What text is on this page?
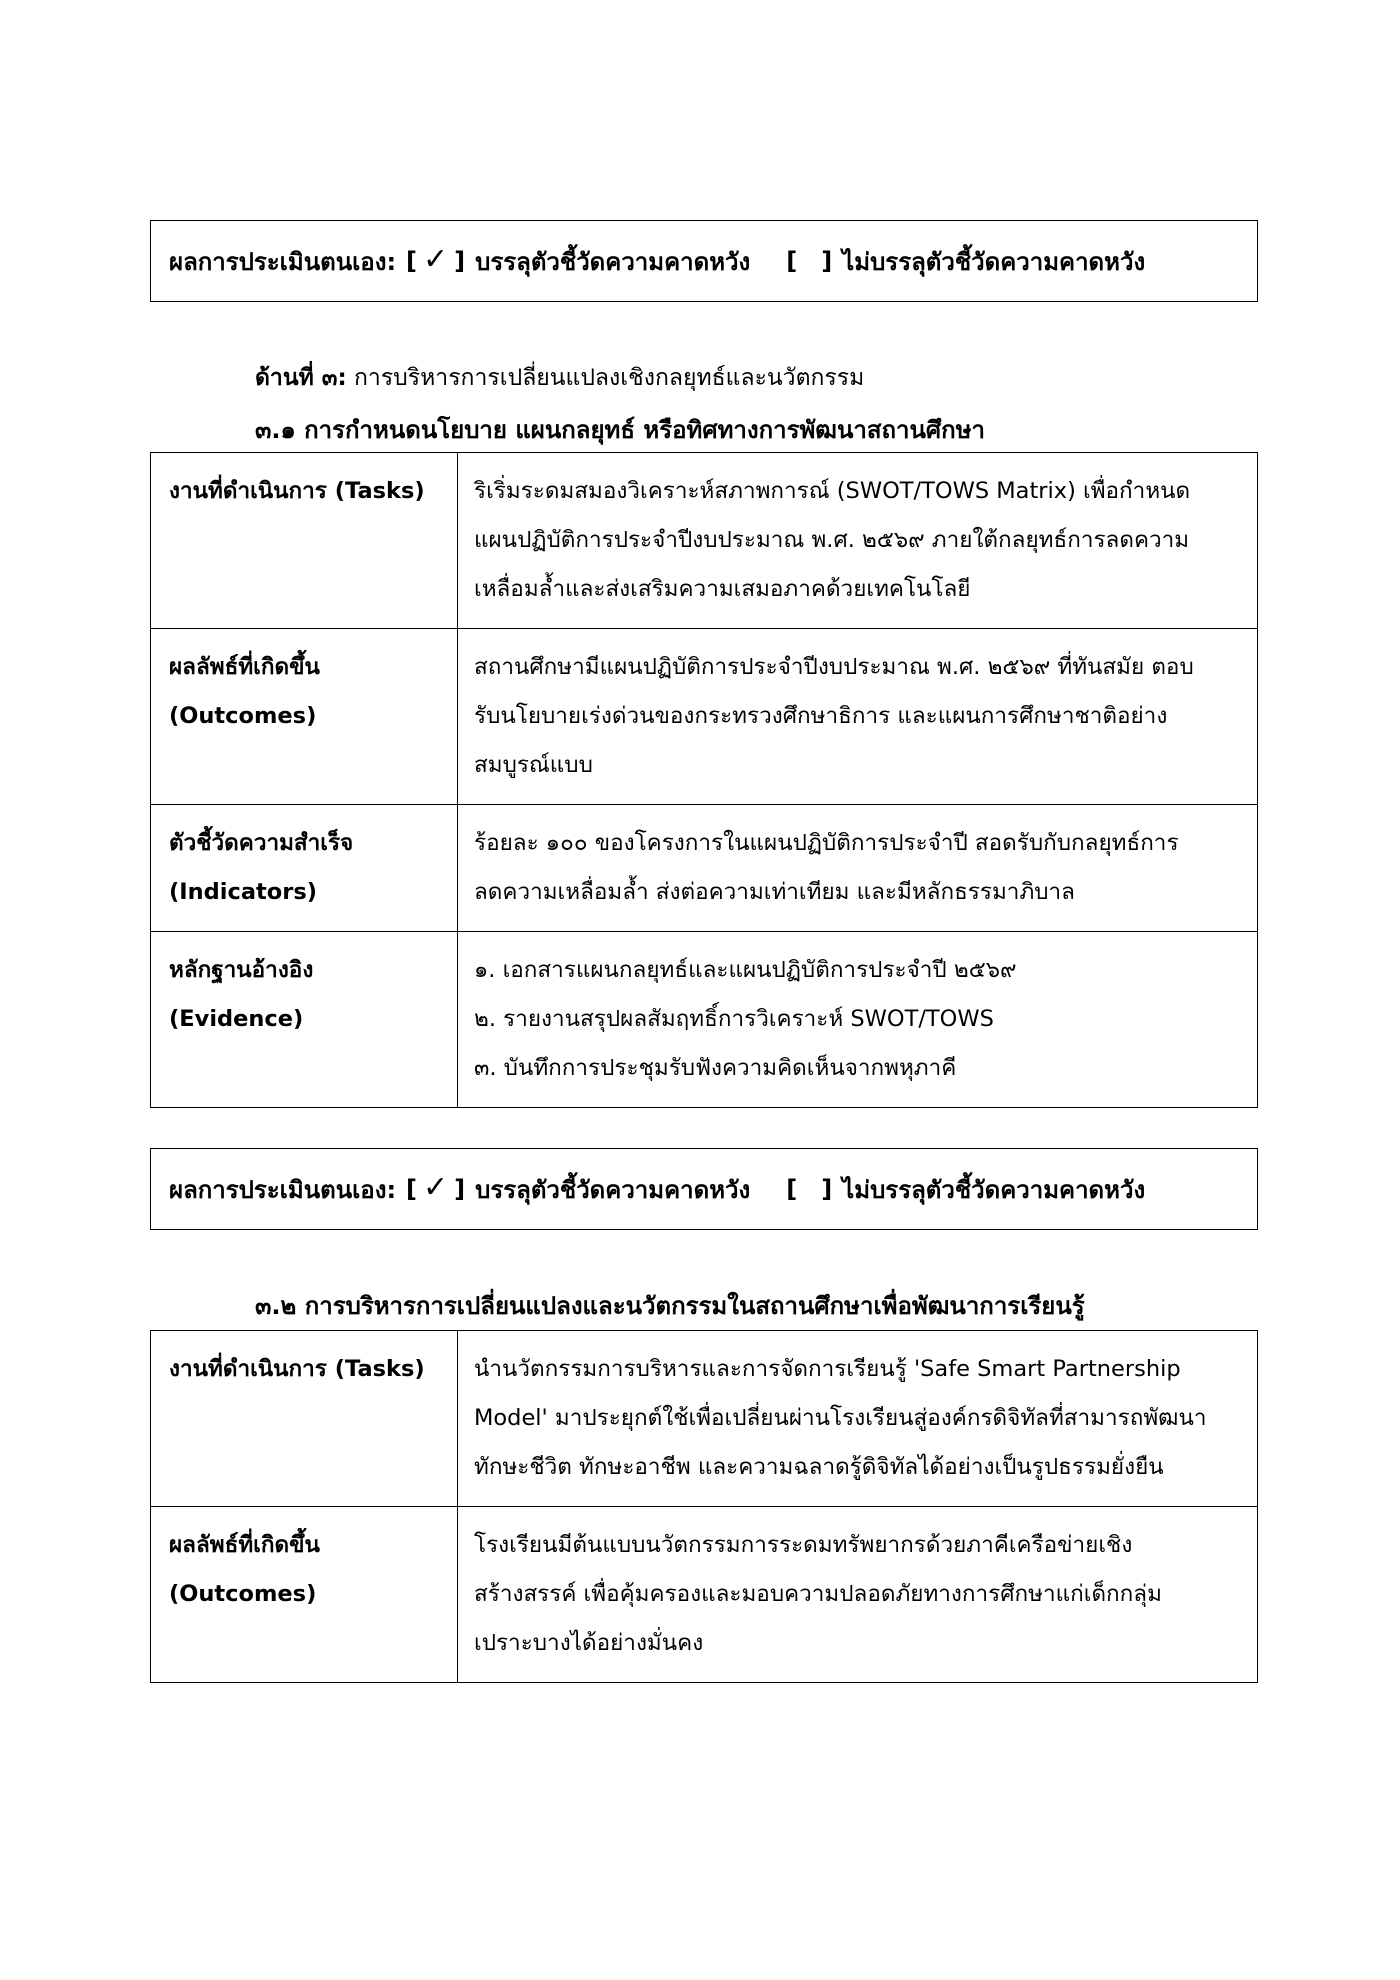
ผลการประเมินตนเอง: [ ✓ ] บรรลุตัวชี้วัดความคาดหวัง [ ] ไม่บรรลุตัวชี้วัดความคาดหวัง
ด้านที่ ๓: การบริหารการเปลี่ยนแปลงเชิงกลยุทธ์และนวัตกรรม
๓.๑ การกำหนดนโยบาย แผนกลยุทธ์ หรือทิศทางการพัฒนาสถานศึกษา
งานที่ดำเนินการ (Tasks)	ริเริ่มระดมสมองวิเคราะห์สภาพการณ์ (SWOT/TOWS Matrix) เพื่อกำหนด
แผนปฏิบัติการประจำปีงบประมาณ พ.ศ. ๒๕๖๙ ภายใต้กลยุทธ์การลดความ
เหลื่อมล้ำและส่งเสริมความเสมอภาคด้วยเทคโนโลยี

ผลลัพธ์ที่เกิดขึ้น
(Outcomes)	สถานศึกษามีแผนปฏิบัติการประจำปีงบประมาณ พ.ศ. ๒๕๖๙ ที่ทันสมัย ตอบ
รับนโยบายเร่งด่วนของกระทรวงศึกษาธิการ และแผนการศึกษาชาติอย่าง
สมบูรณ์แบบ

ตัวชี้วัดความสำเร็จ
(Indicators)	ร้อยละ ๑๐๐ ของโครงการในแผนปฏิบัติการประจำปี สอดรับกับกลยุทธ์การ
ลดความเหลื่อมล้ำ ส่งต่อความเท่าเทียม และมีหลักธรรมาภิบาล

หลักฐานอ้างอิง
(Evidence)	๑. เอกสารแผนกลยุทธ์และแผนปฏิบัติการประจำปี ๒๕๖๙
๒. รายงานสรุปผลสัมฤทธิ์การวิเคราะห์ SWOT/TOWS
๓. บันทึกการประชุมรับฟังความคิดเห็นจากพหุภาคี
ผลการประเมินตนเอง: [ ✓ ] บรรลุตัวชี้วัดความคาดหวัง [ ] ไม่บรรลุตัวชี้วัดความคาดหวัง
๓.๒ การบริหารการเปลี่ยนแปลงและนวัตกรรมในสถานศึกษาเพื่อพัฒนาการเรียนรู้
งานที่ดำเนินการ (Tasks)	นำนวัตกรรมการบริหารและการจัดการเรียนรู้ 'Safe Smart Partnership
Model' มาประยุกต์ใช้เพื่อเปลี่ยนผ่านโรงเรียนสู่องค์กรดิจิทัลที่สามารถพัฒนา
ทักษะชีวิต ทักษะอาชีพ และความฉลาดรู้ดิจิทัลได้อย่างเป็นรูปธรรมยั่งยืน

ผลลัพธ์ที่เกิดขึ้น
(Outcomes)	โรงเรียนมีต้นแบบนวัตกรรมการระดมทรัพยากรด้วยภาคีเครือข่ายเชิง
สร้างสรรค์ เพื่อคุ้มครองและมอบความปลอดภัยทางการศึกษาแก่เด็กกลุ่ม
เปราะบางได้อย่างมั่นคง
